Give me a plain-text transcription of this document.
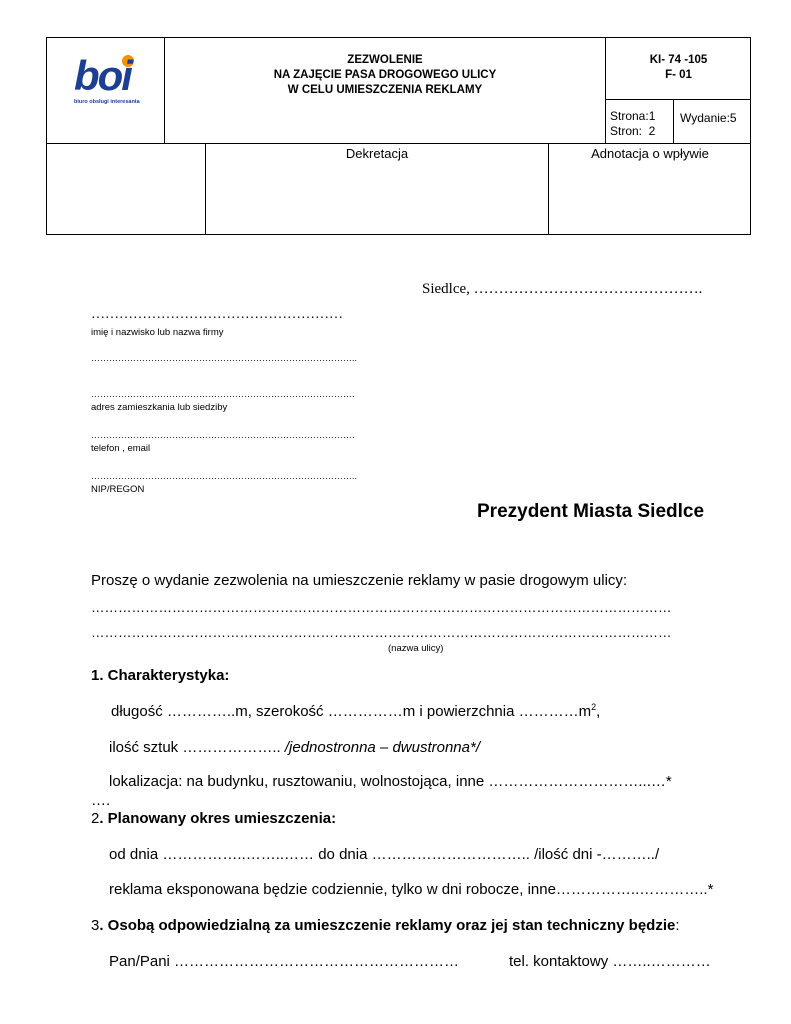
boi
biuro obsługi interesanta
ZEZWOLENIE
NA ZAJĘCIE PASA DROGOWEGO ULICY
W CELU UMIESZCZENIA REKLAMY
KI- 74 -105
F- 01
Strona:1
Stron:  2
Wydanie:5
Dekretacja	Adnotacja o wpływie
Siedlce, ……………………………………….
………………………………………………
imię i nazwisko lub nazwa firmy
……………………………………………………………………………..
…………………………………………………………………………….
adres zamieszkania lub siedziby
…………………………………………………………………………….
telefon , email
……………………………………………………………………………..
NIP/REGON
Prezydent Miasta Siedlce
Proszę o wydanie zezwolenia na umieszczenie reklamy w pasie drogowym ulicy:
…………………………………………………………………………………………………………………
…………………………………………………………………………………………………………………
(nazwa ulicy)
1. Charakterystyka:
długość …………..m, szerokość ……………m i powierzchnia $\dots\dots\dots\dots m^2$,
ilość sztuk ……………….. /jednostronna – dwustronna*/
lokalizacja: na budynku, rusztowaniu, wolnostojąca, inne …………………………...…*
….
2. Planowany okres umieszczenia:
od dnia ……………..……..…… do dnia ………………………….. /ilość dni -………../
reklama eksponowana będzie codziennie, tylko w dni robocze, inne……………..…………..*
3. Osobą odpowiedzialną za umieszczenie reklamy oraz jej stan techniczny będzie:
Pan/Pani …………………………………………………	tel. kontaktowy ……..…………
